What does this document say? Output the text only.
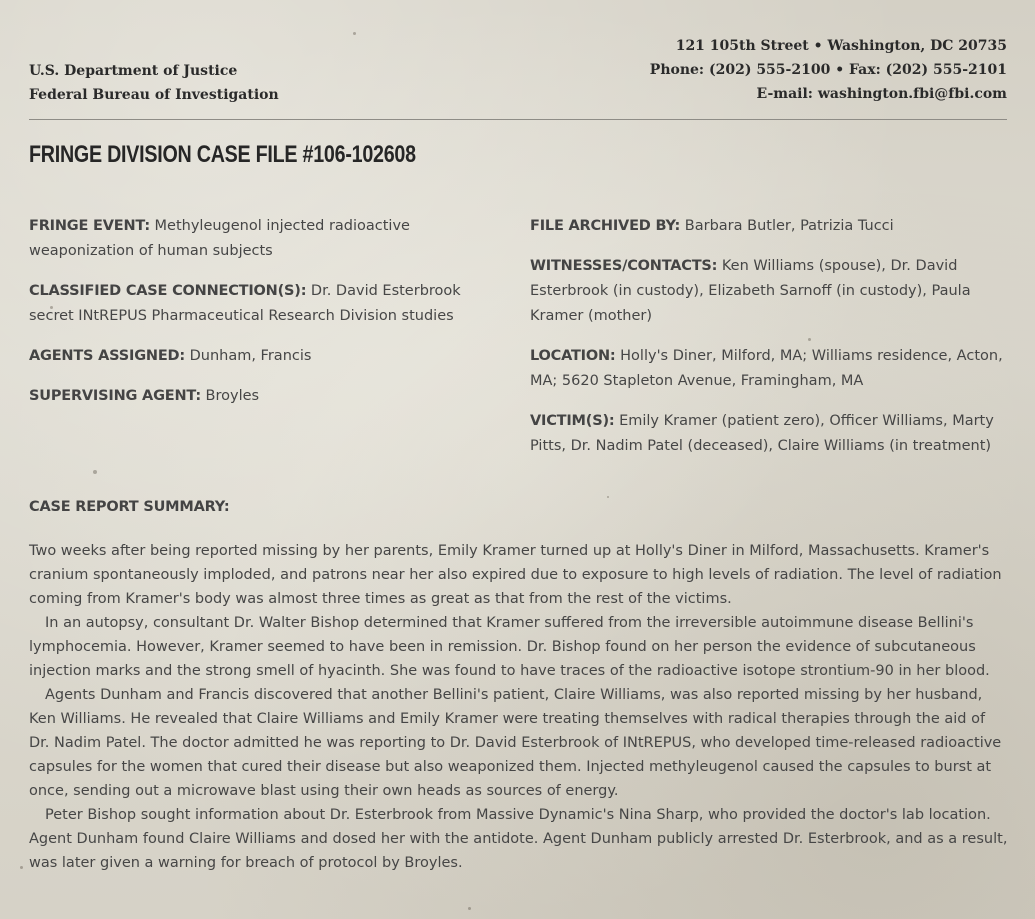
U.S. Department of Justice
Federal Bureau of Investigation
121 105th Street • Washington, DC 20735
Phone: (202) 555-2100 • Fax: (202) 555-2101
E-mail: washington.fbi@fbi.com
FRINGE DIVISION CASE FILE #106-102608
FRINGE EVENT: Methyleugenol injected radioactive weaponization of human subjects
CLASSIFIED CASE CONNECTION(S): Dr. David Esterbrook secret INtREPUS Pharmaceutical Research Division studies
AGENTS ASSIGNED: Dunham, Francis
SUPERVISING AGENT: Broyles
FILE ARCHIVED BY: Barbara Butler, Patrizia Tucci
WITNESSES/CONTACTS: Ken Williams (spouse), Dr. David Esterbrook (in custody), Elizabeth Sarnoff (in custody), Paula Kramer (mother)
LOCATION: Holly's Diner, Milford, MA; Williams residence, Acton, MA; 5620 Stapleton Avenue, Framingham, MA
VICTIM(S): Emily Kramer (patient zero), Officer Williams, Marty Pitts, Dr. Nadim Patel (deceased), Claire Williams (in treatment)
CASE REPORT SUMMARY:

Two weeks after being reported missing by her parents, Emily Kramer turned up at Holly's Diner in Milford, Massachusetts. Kramer's cranium spontaneously imploded, and patrons near her also expired due to exposure to high levels of radiation. The level of radiation coming from Kramer's body was almost three times as great as that from the rest of the victims.

In an autopsy, consultant Dr. Walter Bishop determined that Kramer suffered from the irreversible autoimmune disease Bellini's lymphocemia. However, Kramer seemed to have been in remission. Dr. Bishop found on her person the evidence of subcutaneous injection marks and the strong smell of hyacinth. She was found to have traces of the radioactive isotope strontium-90 in her blood.

Agents Dunham and Francis discovered that another Bellini's patient, Claire Williams, was also reported missing by her husband, Ken Williams. He revealed that Claire Williams and Emily Kramer were treating themselves with radical therapies through the aid of Dr. Nadim Patel. The doctor admitted he was reporting to Dr. David Esterbrook of INtREPUS, who developed time-released radioactive capsules for the women that cured their disease but also weaponized them. Injected methyleugenol caused the capsules to burst at once, sending out a microwave blast using their own heads as sources of energy.

Peter Bishop sought information about Dr. Esterbrook from Massive Dynamic's Nina Sharp, who provided the doctor's lab location. Agent Dunham found Claire Williams and dosed her with the antidote. Agent Dunham publicly arrested Dr. Esterbrook, and as a result, was later given a warning for breach of protocol by Broyles.
